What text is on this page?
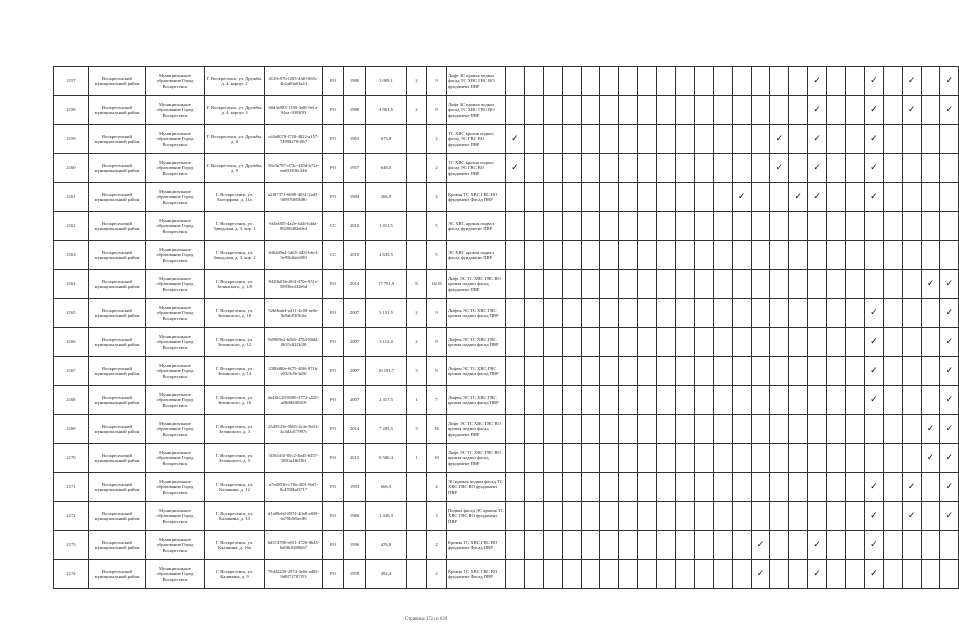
2157	Воскресенский муниципальный район	Муниципальное образование Город Воскресенск	Г. Воскресенск, ул. Дружбы, д. 4, корпус 2	4129c976-f283-4fd0-865c-4b1a00a63a24	РО	1980	3 009,1	2	9	Лифт ЗС кровля подвал фасад ТС ХВС ГВС ВО фундамент ПВР																	✓			✓		✓		✓
2158	Воскресенский муниципальный район	Муниципальное образование Город Воскресенск	Г. Воскресенск, ул. Дружбы, д. 4, корпус 3	60d3e983-1199-4a8f-9e1a-94ea-1083f93	РО	1980	4 901,5	2	9	Лифт ЗС кровля подвал фасад ТС ХВС ГВС ВО фундамент ПВР																	✓			✓		✓		✓
2159	Воскресенский муниципальный район	Муниципальное образование Город Воскресенск	Г. Воскресенск, ул. Дружбы, д. 6	cd4a8078-f720-4822-a157-74998270c867	РО	1963	673,9		2	ТС ХВС кровля подвал фасад ЭС ГВС ВО фундамент ПВР	✓														✓		✓			✓				
2160	Воскресенский муниципальный район	Муниципальное образование Город Воскресенск	Г. Воскресенск, ул. Дружбы, д. 9	56e3a787-d73c-439d-b72e-ead03306c346	РО	1957	648,0		2	ТС ХВС кровля подвал фасад ЭС ГВС ВО фундамент ПВР	✓														✓		✓			✓				
2161	Воскресенский муниципальный район	Муниципальное образование Город Воскресенск	Г. Воскресенск, ул. Енгорфова, д. 11а	a2f87371-6898-4031-2ad3-9f8970858f80	РО	1984	266,9		2	Кровля ТС ХВС ГВС ВО фундамент Фасад ПВР													✓			✓	✓			✓				
2162	Воскресенский муниципальный район	Муниципальное образование Город Воскресенск	Г. Воскресенск, ул. Заводская, д. 3, кор. 1	6f4ea8f5-4a2e-4d4f-b4da-89200d82a6e4	СС	2010	1 011,5		5	ЭС ХВС кровля подвал фасад фундамент ПВР																								
2163	Воскресенский муниципальный район	Муниципальное образование Город Воскресенск	Г. Воскресенск, ул. Заводская, д. 3, кор. 2	3d62d9a4-1d65-4d5f-b6c3-5e95bf6eb580	СС	2010	2 635,5		5	ЭС ХВС кровля подвал фасад фундамент ПВР																								
2164	Воскресенский муниципальный район	Муниципальное образование Город Воскресенск	Г. Воскресенск, ул. Зелинского, д. 1/8	8430b03b-f0f4-470e-951e-58936e432e6d	РО	2014	17 791,9	8	16/18	Лифт ЭС ТС ХВС ГВС ВО кровля подвал фасад фундамент ПВР																							✓	✓
2165	Воскресенский муниципальный район	Муниципальное образование Город Воскресенск	Г. Воскресенск, ул. Зелинского, д. 10	52b0bab4-a411-4c00-ae0e-8e9ab83f9c6a	РО	2007	3 131,5	2	9	Лифты ЭС ТС ХВС ГВС кровля подвал фасад ПВР																				✓				✓
2166	Воскресенский муниципальный район	Муниципальное образование Город Воскресенск	Г. Воскресенск, ул. Зелинского, д. 12	9d99f9e2-b0b5-4794-88d4-0635c82f3f28	РО	2007	3 112,4	2	9	Лифты ЭС ТС ХВС ГВС кровля подвал фасад ПВР																				✓				✓
2167	Воскресенский муниципальный район	Муниципальное образование Город Воскресенск	Г. Воскресенск, ул. Зелинского, д. 14	2380d80e-6f75-4f06-971b-e03f3c9e3a56	РО	2007	10 191,7	3	9	Лифты ЭС ТС ХВС ГВС кровля подвал фасад ПВР																				✓				✓
2168	Воскресенский муниципальный район	Муниципальное образование Город Воскресенск	Г. Воскресенск, ул. Зелинского, д. 16	da48e128-8089-4772-a520-a08f0b0f8418	РО	2007	2 417,5	1	7	Лифты ЭС ТС ХВС ГВС кровля подвал фасад ПВР																				✓				✓
2169	Воскресенский муниципальный район	Муниципальное образование Город Воскресенск	Г. Воскресенск, ул. Зелинского, д. 3	23d5533e-5b85-4c3e-8a53-4c4d2d17997f	РО	2014	7 283,5	3	16	Лифт ЭС ТС ХВС ГВС ВО кровля подвал фасад фундамент ПВР																							✓	✓
2170	Воскресенский муниципальный район	Муниципальное образование Город Воскресенск	Г. Воскресенск, ул. Зелинского, д. 5	3f3b1d3f-85c2-4bd5-8457-3881a4f6f3bf	РО	2013	8 506,4	1	10	Лифт ЭС ТС ХВС ГВС ВО кровля подвал фасад фундамент ПВР																							✓	✓
2171	Воскресенский муниципальный район	Муниципальное образование Город Воскресенск	Г. Воскресенск, ул. Калинина, д. 12	a7ed8536-c78a-4f01-8af7-8c4950bd3717	РО	1993	666,5		2	ЭС кровля подвал фасад ТС ХВС ГВС ВО фундамент ПВР																				✓		✓		✓
2172	Воскресенский муниципальный район	Муниципальное образование Город Воскресенск	Г. Воскресенск, ул. Калинина, д. 13	d1a80eb0-8974-40a8-a839-6a78b5f6ec86	РО	1966	1 430,3		3	Подвал фасад ЭС кровля ТС ХВС ГВС ВО фундамент ПВР																				✓		✓		✓
2173	Воскресенский муниципальный район	Муниципальное образование Город Воскресенск	Г. Воскресенск, ул. Калинина, д. 16а	6d374788-e851-4720-8b45-6e08c0480b67	РО	1956	476,8		2	Кровля ТС ХВС ГВС ВО фундамент Фасад ПВР														✓			✓			✓				
2174	Воскресенский муниципальный район	Муниципальное образование Город Воскресенск	Г. Воскресенск, ул. Калинина, д. 9	79d42239-2974-4e0e-ad95-9d8f72787f53	РО	1958	492,4		2	Кровля ТС ХВС ГВС ВО фундамент Фасад ПВР														✓			✓			✓				
Страница 372 из 639
